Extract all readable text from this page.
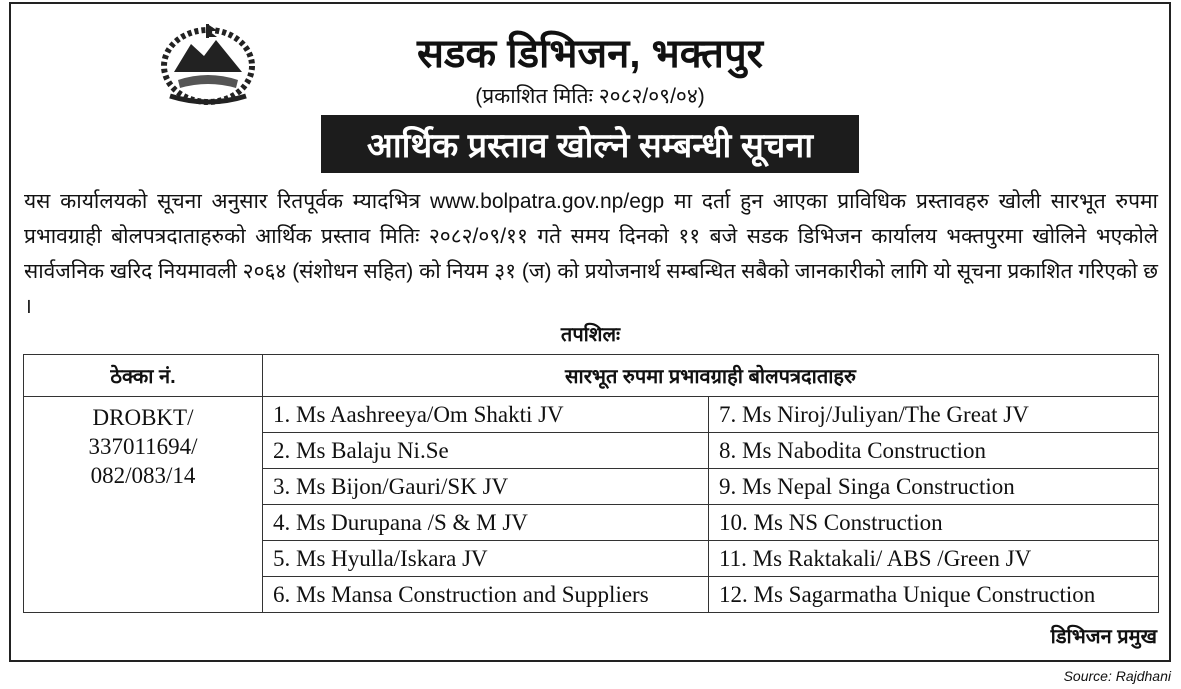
सडक डिभिजन, भक्तपुर
(प्रकाशित मितिः २०८२/०९/०४)
आर्थिक प्रस्ताव खोल्ने सम्बन्धी सूचना
यस कार्यालयको सूचना अनुसार रितपूर्वक म्यादभित्र www.bolpatra.gov.np/egp मा दर्ता हुन आएका प्राविधिक प्रस्तावहरु खोली सारभूत रुपमा प्रभावग्राही बोलपत्रदाताहरुको आर्थिक प्रस्ताव मितिः २०८२/०९/११ गते समय दिनको ११ बजे सडक डिभिजन कार्यालय भक्तपुरमा खोलिने भएकोले सार्वजनिक खरिद नियमावली २०६४ (संशोधन सहित) को नियम ३१ (ज) को प्रयोजनार्थ सम्बन्धित सबैको जानकारीको लागि यो सूचना प्रकाशित गरिएको छ ।
तपशिलः
ठेक्का नं.	सारभूत रुपमा प्रभावग्राही बोलपत्रदाताहरु	

DROBKT/
337011694/
082/083/14	1. Ms Aashreeya/Om Shakti JV	7. Ms Niroj/Juliyan/The Great JV
	2. Ms Balaju Ni.Se	8. Ms Nabodita Construction
	3. Ms Bijon/Gauri/SK JV	9. Ms Nepal Singa Construction
	4. Ms Durupana /S & M JV	10. Ms NS Construction
	5. Ms Hyulla/Iskara JV	11. Ms Raktakali/ ABS /Green JV
	6. Ms Mansa Construction and Suppliers	12. Ms Sagarmatha Unique Construction
डिभिजन प्रमुख
Source: Rajdhani
